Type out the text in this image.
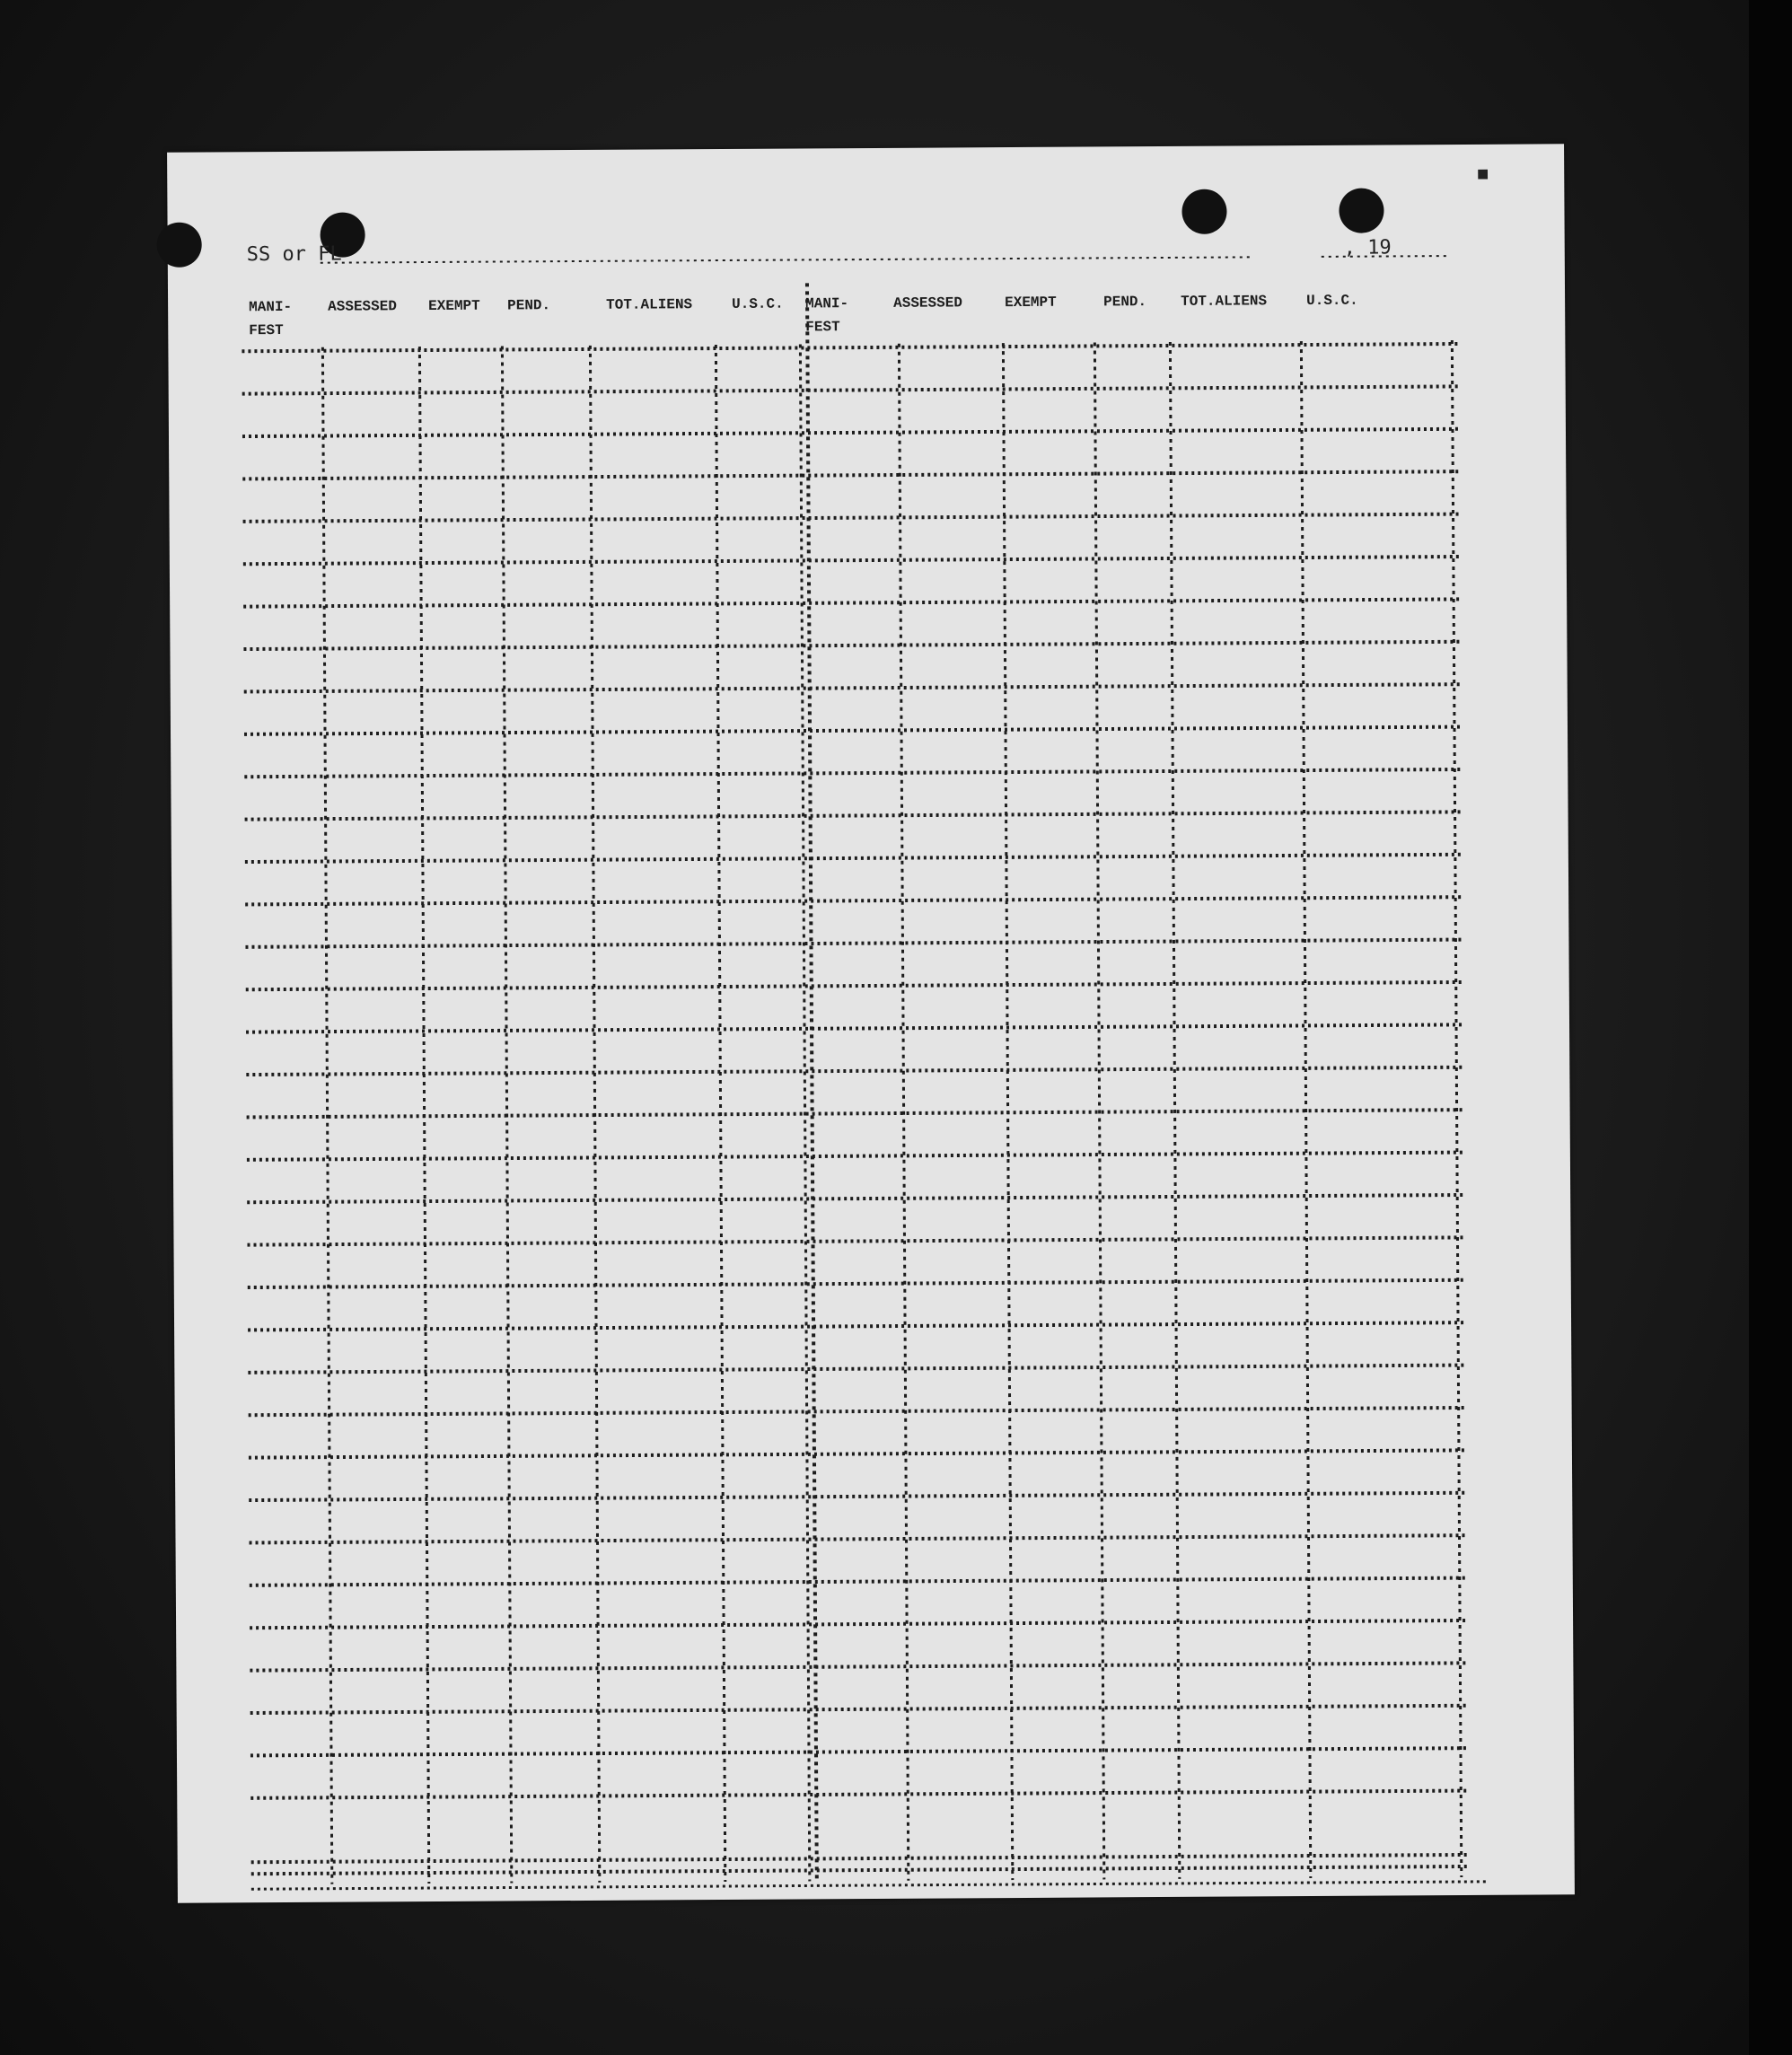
■
SS or FL	, 19
MANI-
FEST
ASSESSED EXEMPT PEND.	TOT.ALIENS	U.S.C. MANI-
FEST
ASSESSED	EXEMPT	PEND. TOT.ALIENS	U.S.C.
